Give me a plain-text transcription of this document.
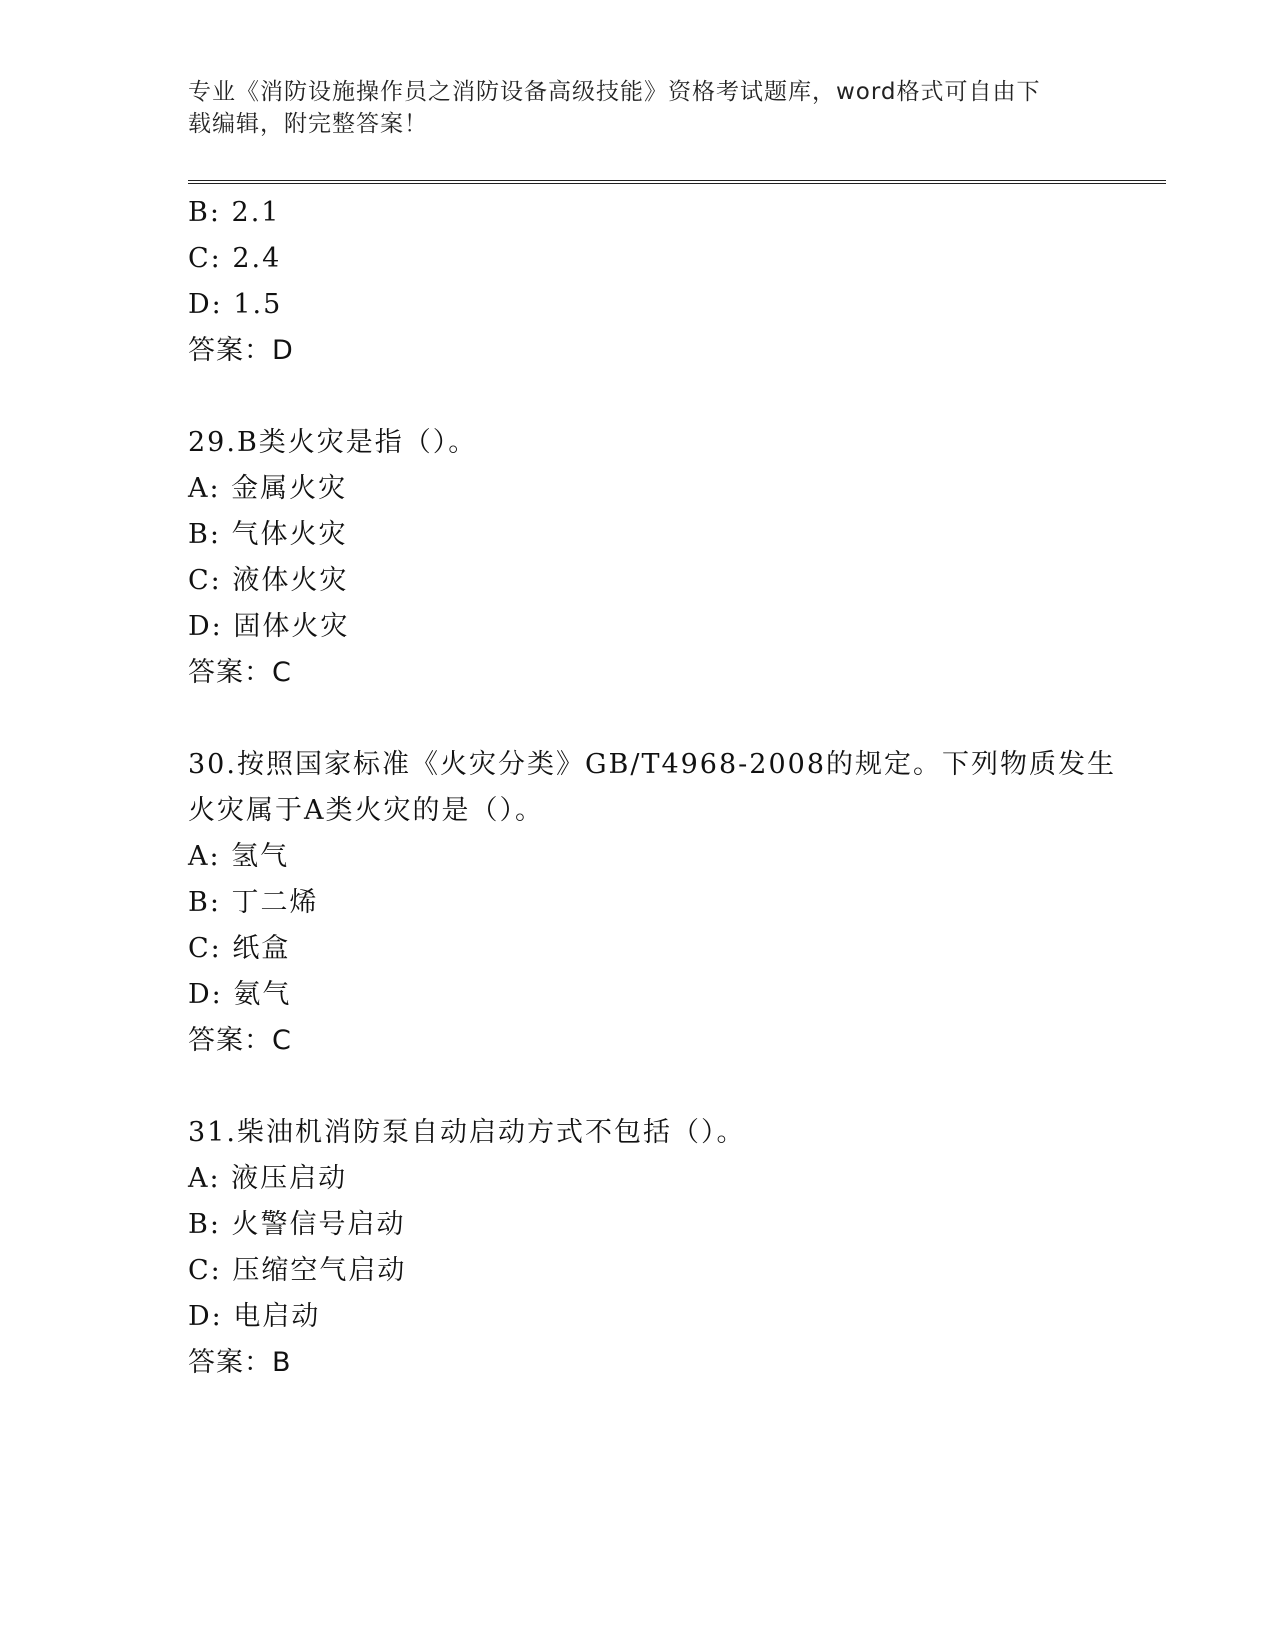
专业《消防设施操作员之消防设备高级技能》资格考试题库，word格式可自由下
载编辑，附完整答案！
B: 2.1
C: 2.4
D: 1.5
答案：D
29.B类火灾是指（）。
A: 金属火灾
B: 气体火灾
C: 液体火灾
D: 固体火灾
答案：C
30.按照国家标准《火灾分类》GB/T4968-2008的规定。下列物质发生
火灾属于A类火灾的是（）。
A: 氢气
B: 丁二烯
C: 纸盒
D: 氨气
答案：C
31.柴油机消防泵自动启动方式不包括（）。
A: 液压启动
B: 火警信号启动
C: 压缩空气启动
D: 电启动
答案：B
